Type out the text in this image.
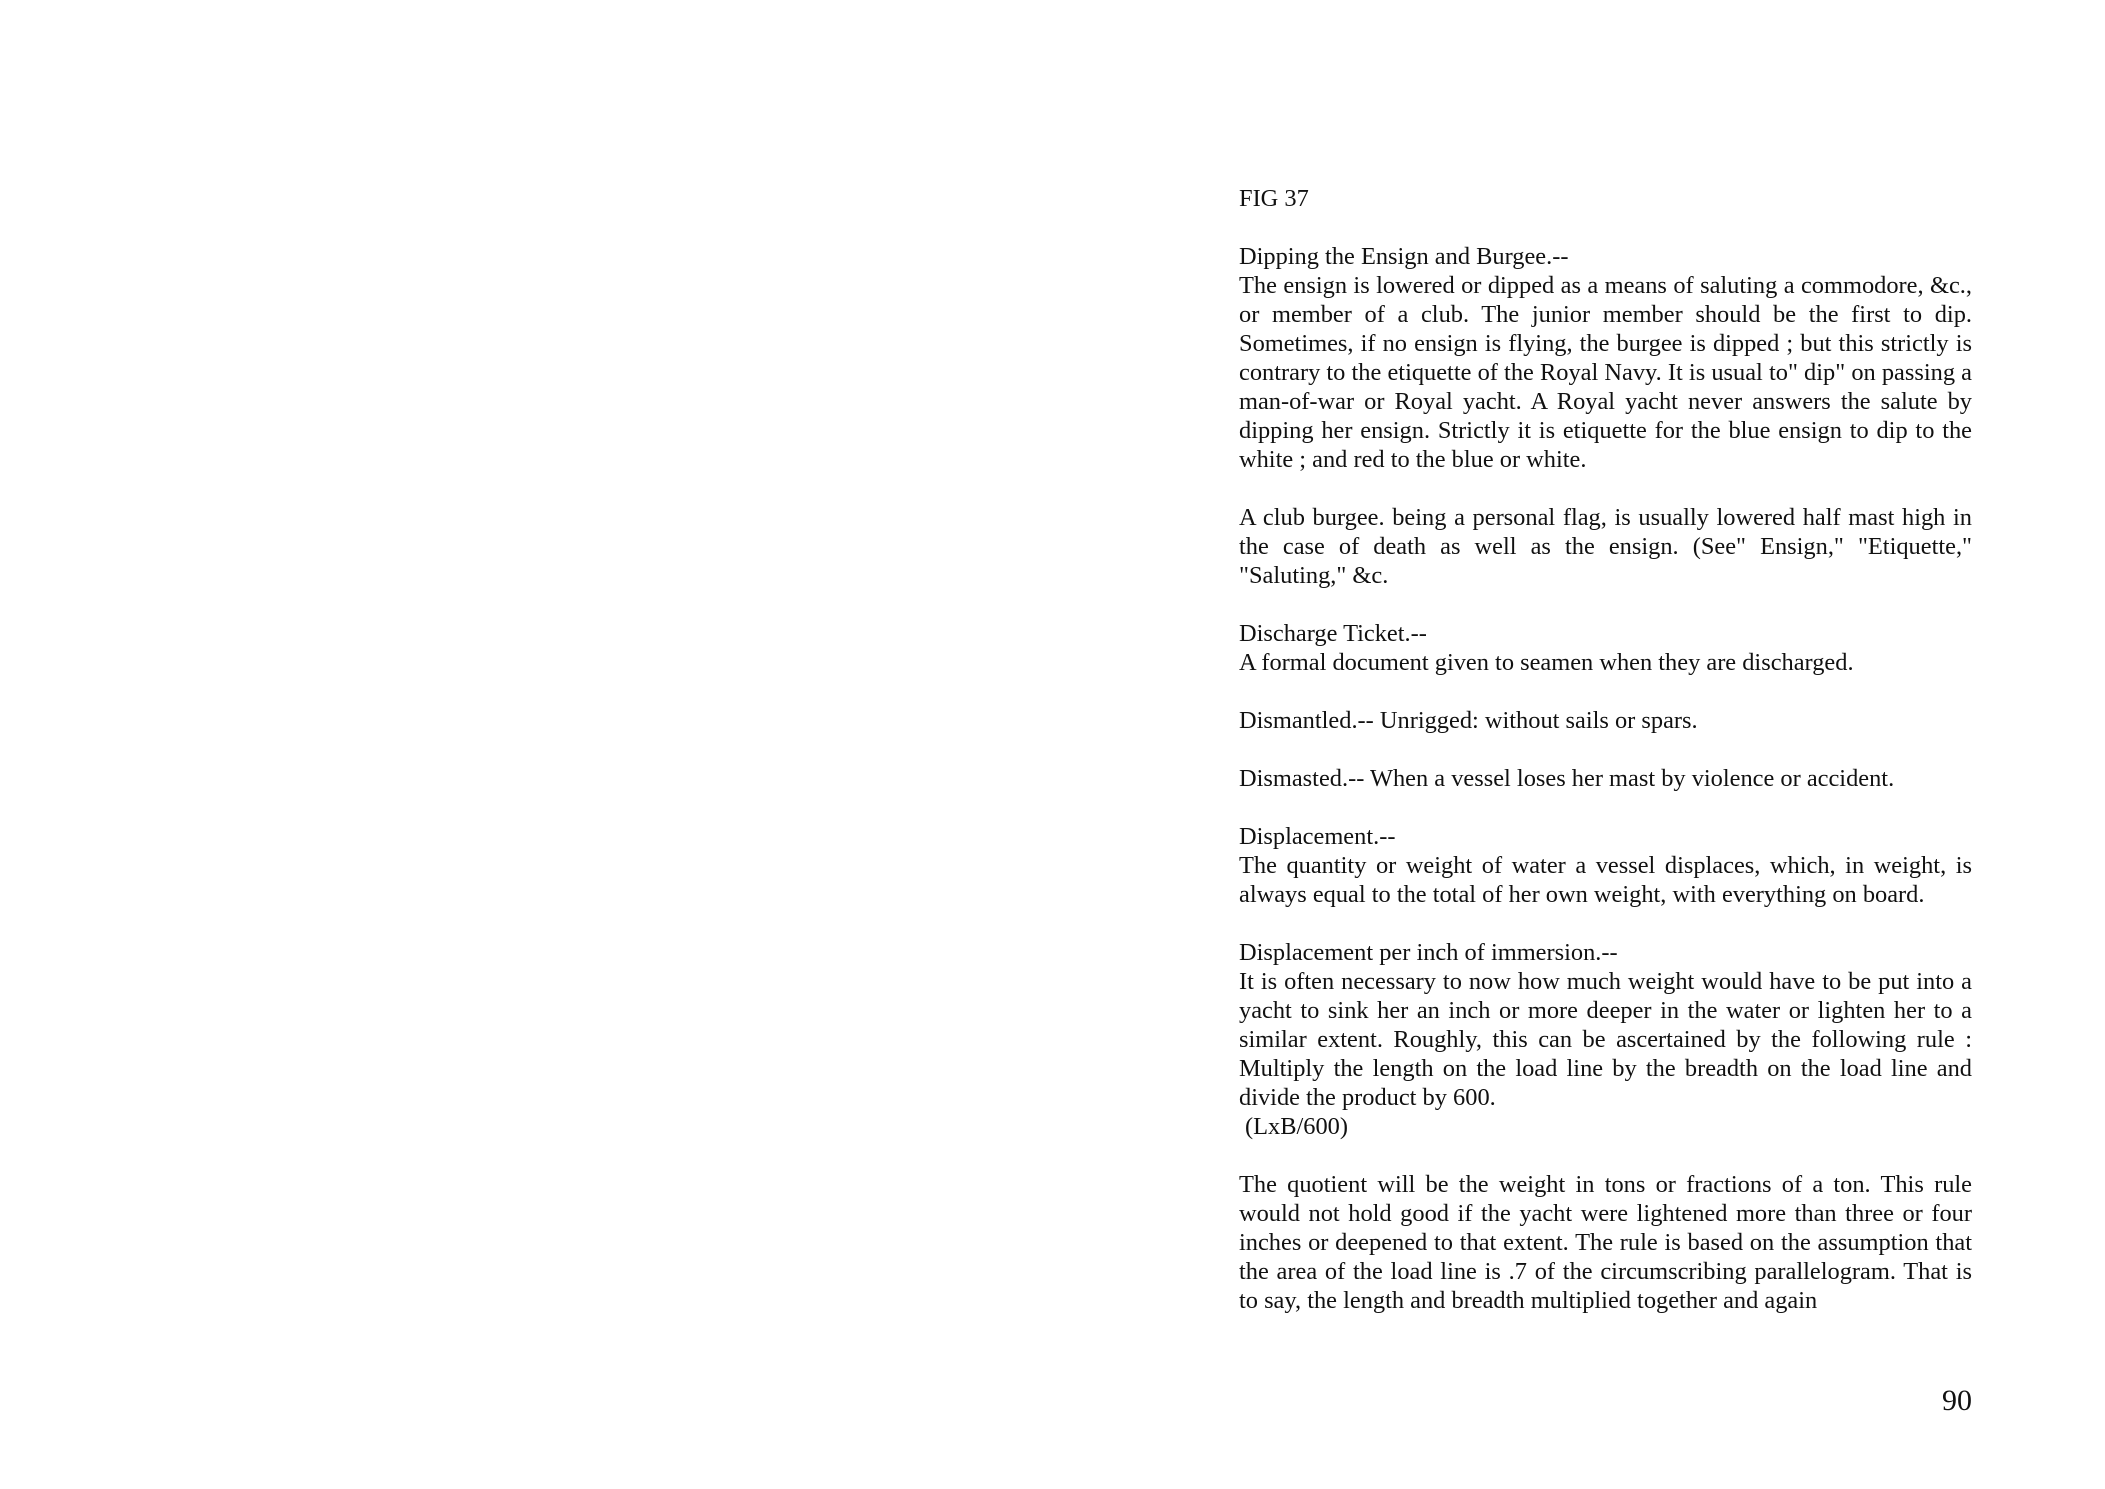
FIG 37
Dipping the Ensign and Burgee.--
The ensign is lowered or dipped as a means of saluting a commodore, &c., or member of a club. The junior member should be the first to dip. Sometimes, if no ensign is flying, the burgee is dipped ; but this strictly is contrary to the etiquette of the Royal Navy. It is usual to" dip" on passing a man-of-war or Royal yacht. A Royal yacht never answers the salute by dipping her ensign. Strictly it is etiquette for the blue ensign to dip to the white ; and red to the blue or white.
A club burgee. being a personal flag, is usually lowered half mast high in the case of death as well as the ensign. (See" Ensign," "Etiquette," "Saluting," &c.
Discharge Ticket.--
A formal document given to seamen when they are discharged.
Dismantled.-- Unrigged: without sails or spars.
Dismasted.-- When a vessel loses her mast by violence or accident.
Displacement.--
The quantity or weight of water a vessel displaces, which, in weight, is always equal to the total of her own weight, with everything on board.
Displacement per inch of immersion.--
It is often necessary to now how much weight would have to be put into a yacht to sink her an inch or more deeper in the water or lighten her to a similar extent. Roughly, this can be ascertained by the following rule : Multiply the length on the load line by the breadth on the load line and divide the product by 600.
(LxB/600)
The quotient will be the weight in tons or fractions of a ton. This rule would not hold good if the yacht were lightened more than three or four inches or deepened to that extent. The rule is based on the assumption that the area of the load line is .7 of the circumscribing parallelogram. That is to say, the length and breadth multiplied together and again
90
